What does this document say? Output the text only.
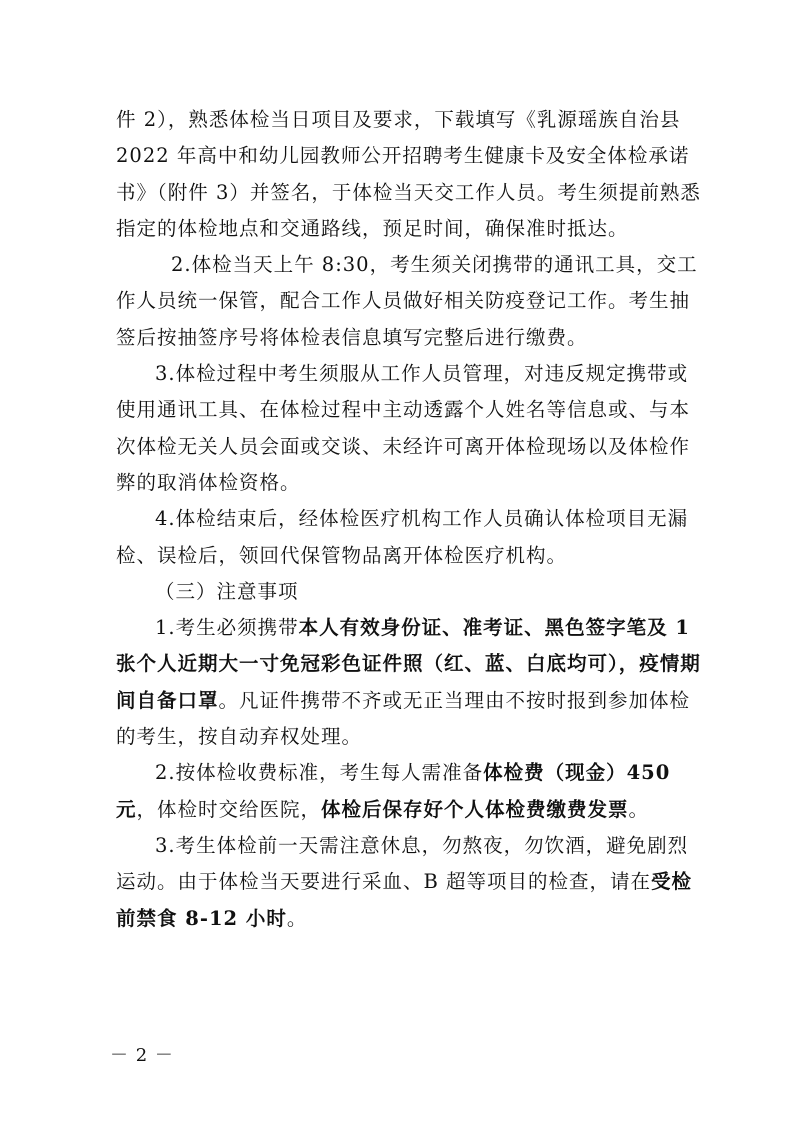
件 2），熟悉体检当日项目及要求，下载填写《乳源瑶族自治县 2022 年高中和幼儿园教师公开招聘考生健康卡及安全体检承诺书》（附件 3）并签名，于体检当天交工作人员。考生须提前熟悉指定的体检地点和交通路线，预足时间，确保准时抵达。

2.体检当天上午 8:30，考生须关闭携带的通讯工具，交工作人员统一保管，配合工作人员做好相关防疫登记工作。考生抽签后按抽签序号将体检表信息填写完整后进行缴费。

3.体检过程中考生须服从工作人员管理，对违反规定携带或使用通讯工具、在体检过程中主动透露个人姓名等信息或、与本次体检无关人员会面或交谈、未经许可离开体检现场以及体检作弊的取消体检资格。

4.体检结束后，经体检医疗机构工作人员确认体检项目无漏检、误检后，领回代保管物品离开体检医疗机构。

（三）注意事项

1.考生必须携带本人有效身份证、准考证、黑色签字笔及 1 张个人近期大一寸免冠彩色证件照（红、蓝、白底均可），疫情期间自备口罩。凡证件携带不齐或无正当理由不按时报到参加体检的考生，按自动弃权处理。

2.按体检收费标准，考生每人需准备体检费（现金）450 元，体检时交给医院，体检后保存好个人体检费缴费发票。

3.考生体检前一天需注意休息，勿熬夜，勿饮酒，避免剧烈运动。由于体检当天要进行采血、B 超等项目的检查，请在受检前禁食 8-12 小时。

－ 2 －
